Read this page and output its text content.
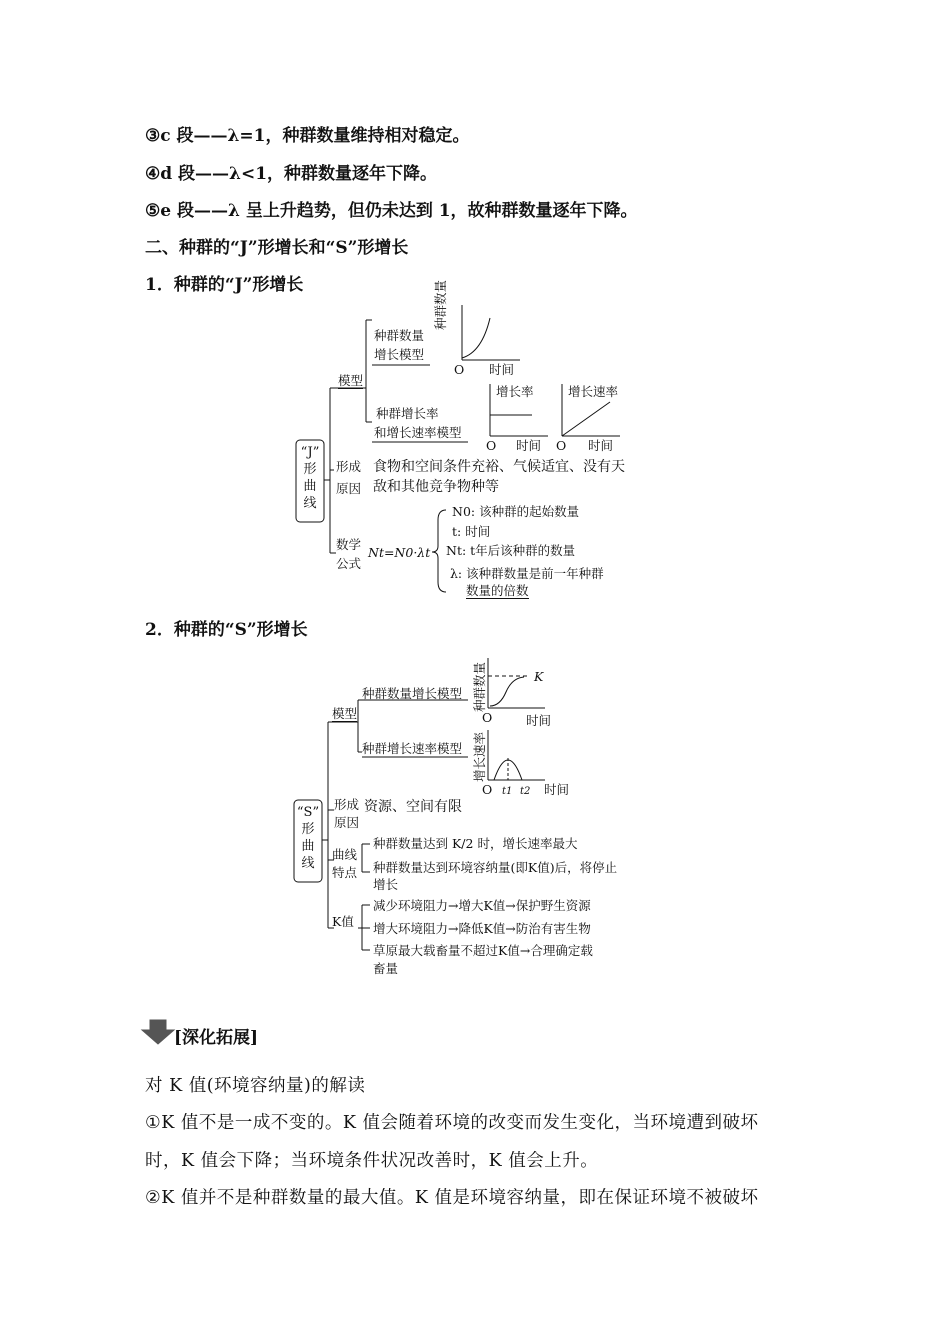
③c 段——λ=1，种群数量维持相对稳定。
④d 段——λ<1，种群数量逐年下降。
⑤e 段——λ 呈上升趋势，但仍未达到 1，故种群数量逐年下降。
二、种群的“J”形增长和“S”形增长
1．种群的“J”形增长
“J”
形
曲
线
模型
种群数量
增长模型
种群增长率
和增长速率模型
种群数量
O 时间
增长率
O 时间
增长速率
O 时间
形成
原因
食物和空间条件充裕、气候适宜、没有天
敌和其他竞争物种等
数学
公式
Nt=N0·λt
N0: 该种群的起始数量
t: 时间
Nt: t年后该种群的数量
λ: 该种群数量是前一年种群
数量的倍数
2．种群的“S”形增长
“S”
形
曲
线
模型
种群数量增长模型
种群增长速率模型
种群数量	K
O	时间
增长速率
O t1 t2 时间
形成
原因
资源、空间有限
曲线
特点
种群数量达到 K/2 时，增长速率最大
种群数量达到环境容纳量(即K值)后，将停止
增长
K值
减少环境阻力→增大K值→保护野生资源
增大环境阻力→降低K值→防治有害生物
草原最大载畜量不超过K值→合理确定载
畜量
[深化拓展]
对 K 值(环境容纳量)的解读
①K 值不是一成不变的。K 值会随着环境的改变而发生变化，当环境遭到破坏
时，K 值会下降；当环境条件状况改善时，K 值会上升。
②K 值并不是种群数量的最大值。K 值是环境容纳量，即在保证环境不被破坏
